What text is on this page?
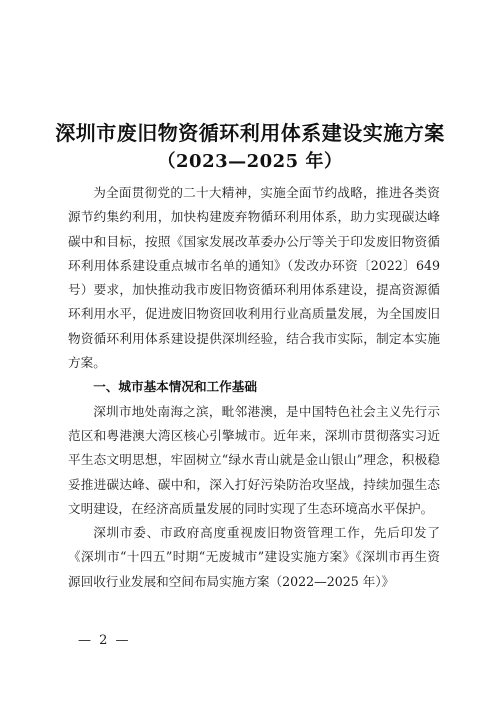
深圳市废旧物资循环利用体系建设实施方案
（2023—2025 年）

为全面贯彻党的二十大精神，实施全面节约战略，推进各类资源节约集约利用，加快构建废弃物循环利用体系，助力实现碳达峰碳中和目标，按照《国家发展改革委办公厅等关于印发废旧物资循环利用体系建设重点城市名单的通知》（发改办环资〔2022〕649 号）要求，加快推动我市废旧物资循环利用体系建设，提高资源循环利用水平，促进废旧物资回收利用行业高质量发展，为全国废旧物资循环利用体系建设提供深圳经验，结合我市实际，制定本实施方案。

一、城市基本情况和工作基础

深圳市地处南海之滨，毗邻港澳，是中国特色社会主义先行示范区和粤港澳大湾区核心引擎城市。近年来，深圳市贯彻落实习近平生态文明思想，牢固树立“绿水青山就是金山银山”理念，积极稳妥推进碳达峰、碳中和，深入打好污染防治攻坚战，持续加强生态文明建设，在经济高质量发展的同时实现了生态环境高水平保护。

深圳市委、市政府高度重视废旧物资管理工作，先后印发了《深圳市“十四五”时期“无废城市”建设实施方案》《深圳市再生资源回收行业发展和空间布局实施方案（2022—2025 年）》

— 2 —
